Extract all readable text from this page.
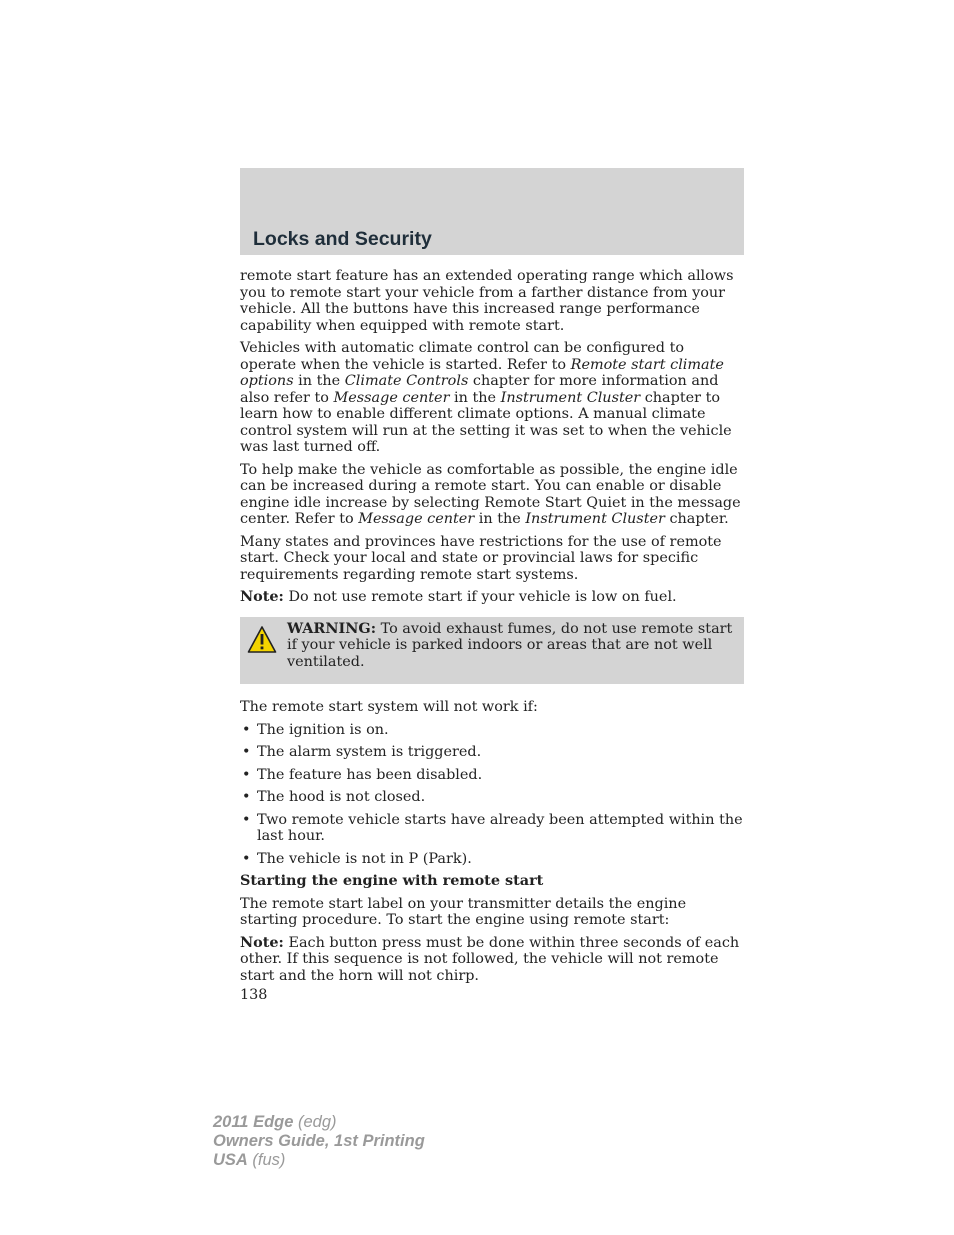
Locks and Security

remote start feature has an extended operating range which allows you to remote start your vehicle from a farther distance from your vehicle. All the buttons have this increased range performance capability when equipped with remote start.

Vehicles with automatic climate control can be configured to operate when the vehicle is started. Refer to Remote start climate options in the Climate Controls chapter for more information and also refer to Message center in the Instrument Cluster chapter to learn how to enable different climate options. A manual climate control system will run at the setting it was set to when the vehicle was last turned off.

To help make the vehicle as comfortable as possible, the engine idle can be increased during a remote start. You can enable or disable engine idle increase by selecting Remote Start Quiet in the message center. Refer to Message center in the Instrument Cluster chapter.

Many states and provinces have restrictions for the use of remote start. Check your local and state or provincial laws for specific requirements regarding remote start systems.

Note: Do not use remote start if your vehicle is low on fuel.

WARNING: To avoid exhaust fumes, do not use remote start if your vehicle is parked indoors or areas that are not well ventilated.

The remote start system will not work if:

• The ignition is on.
• The alarm system is triggered.
• The feature has been disabled.
• The hood is not closed.
• Two remote vehicle starts have already been attempted within the last hour.
• The vehicle is not in P (Park).

Starting the engine with remote start

The remote start label on your transmitter details the engine starting procedure. To start the engine using remote start:

Note: Each button press must be done within three seconds of each other. If this sequence is not followed, the vehicle will not remote start and the horn will not chirp.

138
2011 Edge (edg)
Owners Guide, 1st Printing
USA (fus)
